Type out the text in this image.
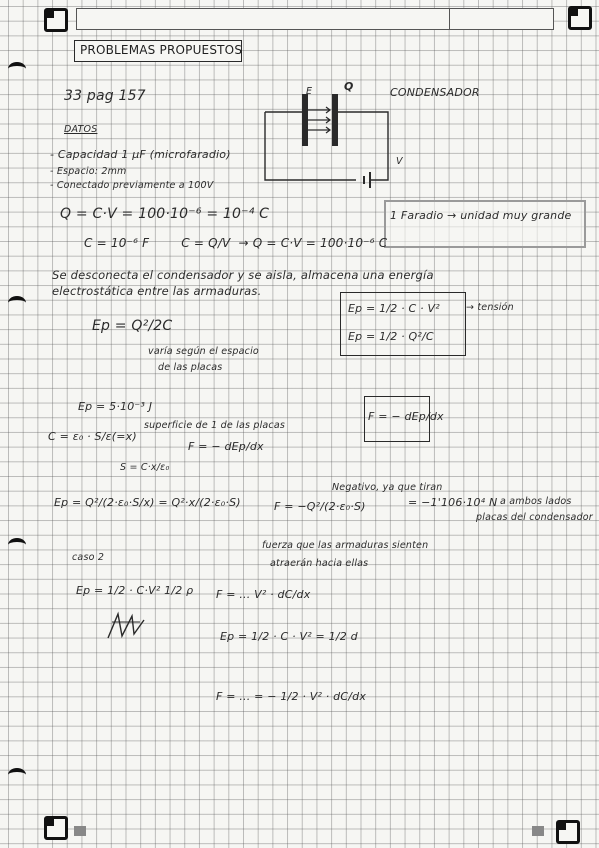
PROBLEMAS PROPUESTOS
33 pag 157
Q
E
V
CONDENSADOR
DATOS
- Capacidad 1 µF (microfaradio)
- Espacio: 2mm
- Conectado previamente a 100V
Q = C·V = 100·10⁻⁶ = 10⁻⁴ C	1 Faradio → unidad muy grande
C = 10⁻⁶ F        C = Q/V  → Q = C·V = 100·10⁻⁶ C
Se desconecta el condensador y se aisla, almacena una energía
electrostática entre las armaduras.
Ep = Q²/2C
varía según el espacio
de las placas
Ep = 1/2 · C · V²
Ep = 1/2 · Q²/C
→ tensión
Ep = 5·10⁻³ J
F = − dEp/dx
C = ε₀ · S/ε(=x)
superficie de 1 de las placas
F = − dEp/dx
S = C·x/ε₀
Ep = Q²/(2·ε₀·S/x) = Q²·x/(2·ε₀·S)
Negativo, ya que tiran
F = −Q²/(2·ε₀·S)	= −1'106·10⁴ N a ambos lados
placas del condensador
fuerza que las armaduras sienten
atraerán hacia ellas
caso 2
Ep = 1/2 · C·V² 1/2 ρ F = ... V² · dC/dx
Ep = 1/2 · C · V² = 1/2 d
F = ... = − 1/2 · V² · dC/dx
